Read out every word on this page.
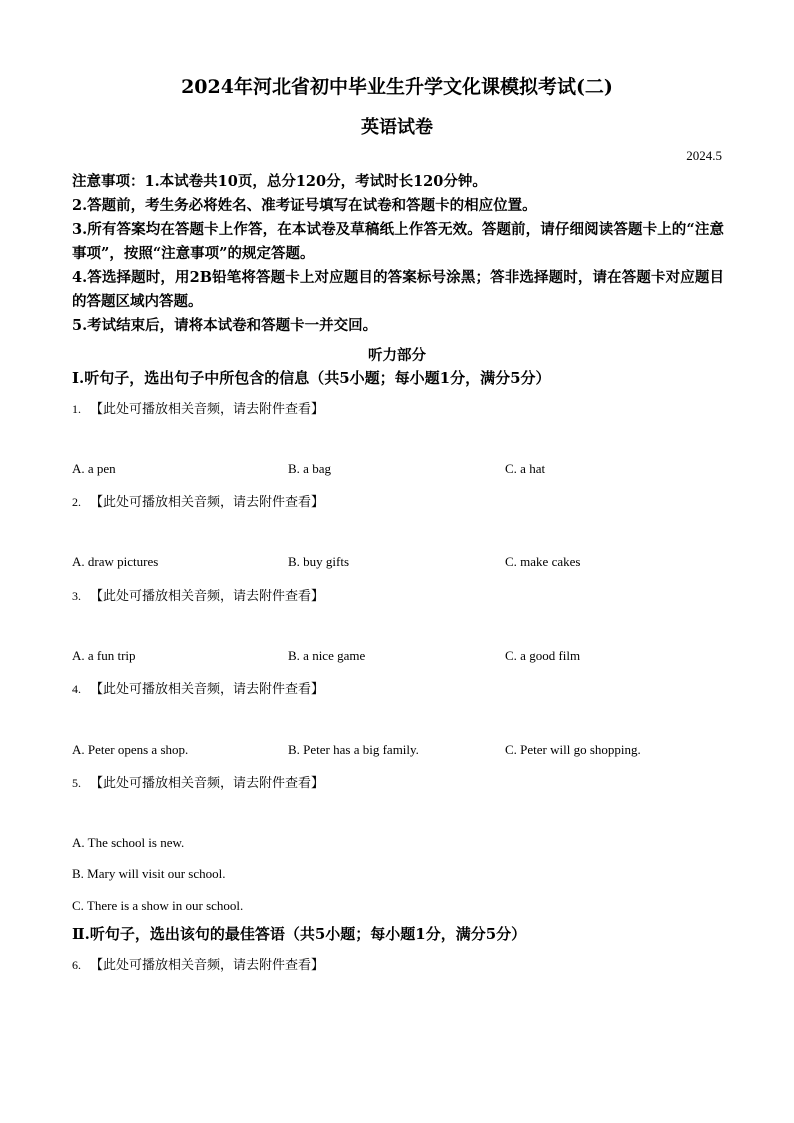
2024年河北省初中毕业生升学文化课模拟考试(二)
英语试卷
2024.5
注意事项：1.本试卷共10页，总分120分，考试时长120分钟。
2.答题前，考生务必将姓名、准考证号填写在试卷和答题卡的相应位置。
3.所有答案均在答题卡上作答，在本试卷及草稿纸上作答无效。答题前，请仔细阅读答题卡上的“注意事项”，按照“注意事项”的规定答题。
4.答选择题时，用2B铅笔将答题卡上对应题目的答案标号涂黑；答非选择题时，请在答题卡对应题目的答题区域内答题。
5.考试结束后，请将本试卷和答题卡一并交回。
听力部分
Ⅰ.听句子，选出句子中所包含的信息（共5小题；每小题1分，满分5分）
1. 【此处可播放相关音频，请去附件查看】
A. a pen	B. a bag	C. a hat
2. 【此处可播放相关音频，请去附件查看】
A. draw pictures	B. buy gifts	C. make cakes
3. 【此处可播放相关音频，请去附件查看】
A. a fun trip	B. a nice game	C. a good film
4. 【此处可播放相关音频，请去附件查看】
A. Peter opens a shop.	B. Peter has a big family.	C. Peter will go shopping.
5. 【此处可播放相关音频，请去附件查看】
A. The school is new.
B. Mary will visit our school.
C. There is a show in our school.
Ⅱ.听句子，选出该句的最佳答语（共5小题；每小题1分，满分5分）
6. 【此处可播放相关音频，请去附件查看】
